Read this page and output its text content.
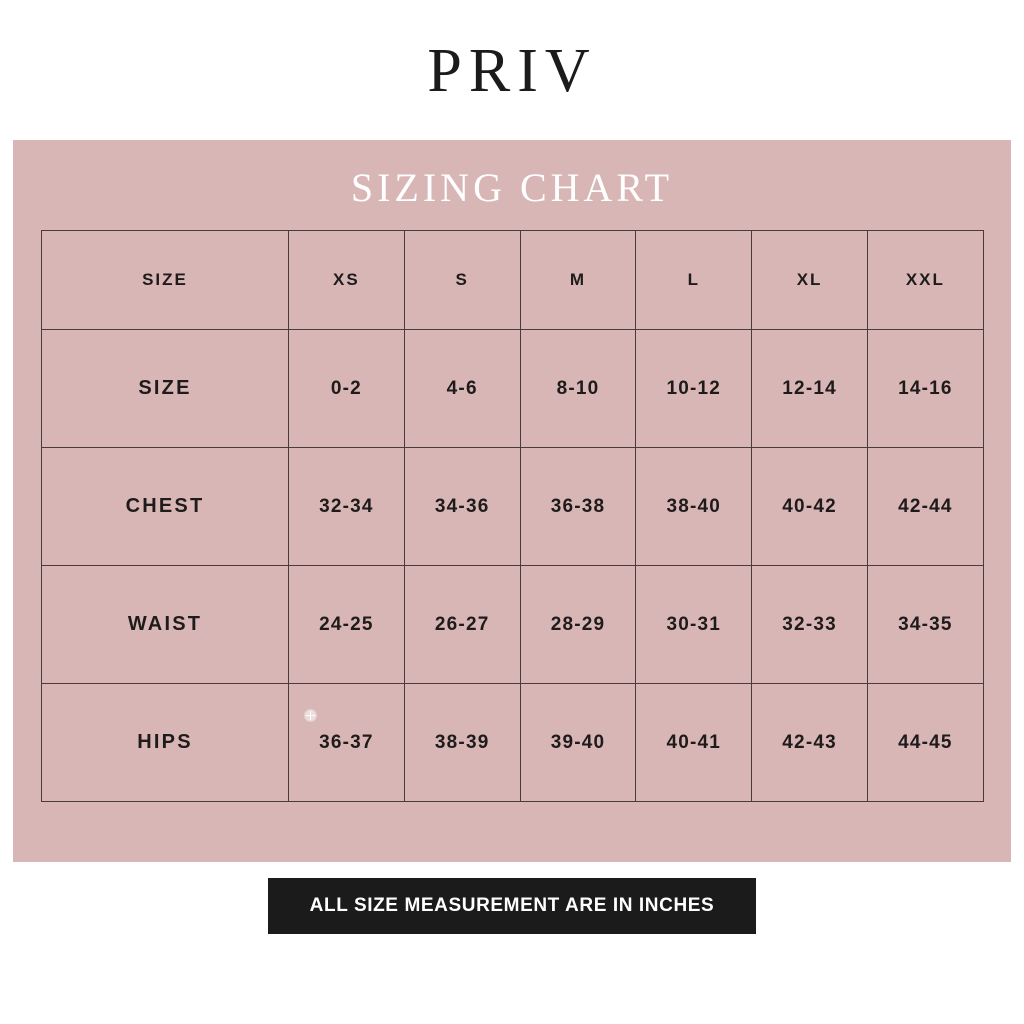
PRIV
SIZING CHART
SIZE	XS	S	M	L	XL	XXL
SIZE	0-2	4-6	8-10	10-12	12-14	14-16
CHEST	32-34	34-36	36-38	38-40	40-42	42-44
WAIST	24-25	26-27	28-29	30-31	32-33	34-35
HIPS	36-37	38-39	39-40	40-41	42-43	44-45
ALL SIZE MEASUREMENT ARE IN INCHES
